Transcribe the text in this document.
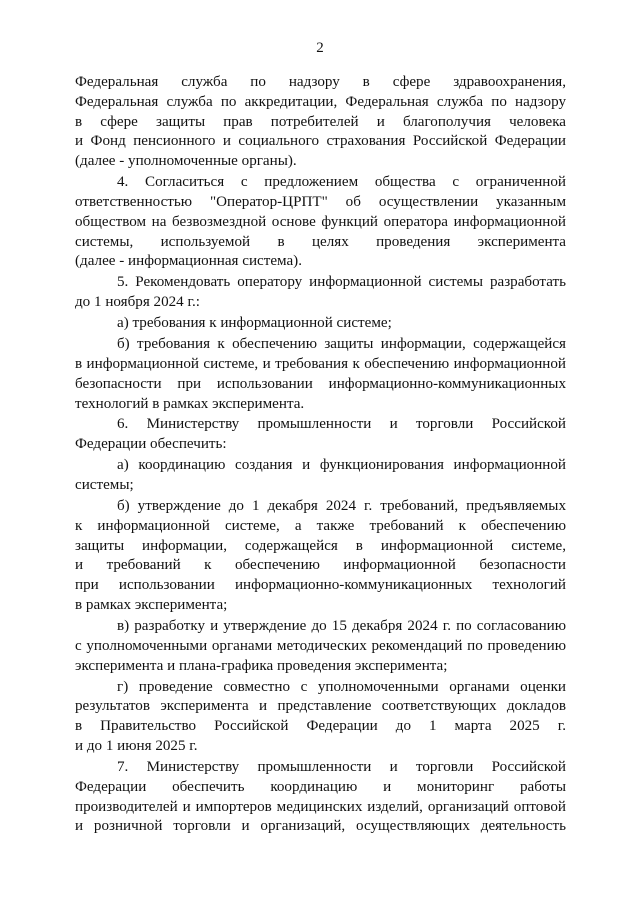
2
Федеральная служба по надзору в сфере здравоохранения,
Федеральная служба по аккредитации, Федеральная служба по надзору
в сфере защиты прав потребителей и благополучия человека
и Фонд пенсионного и социального страхования Российской Федерации
(далее - уполномоченные органы).
4. Согласиться с предложением общества с ограниченной
ответственностью "Оператор-ЦРПТ" об осуществлении указанным
обществом на безвозмездной основе функций оператора информационной
системы, используемой в целях проведения эксперимента
(далее - информационная система).
5. Рекомендовать оператору информационной системы разработать
до 1 ноября 2024 г.:
а) требования к информационной системе;
б) требования к обеспечению защиты информации, содержащейся
в информационной системе, и требования к обеспечению информационной
безопасности при использовании информационно-коммуникационных
технологий в рамках эксперимента.
6. Министерству промышленности и торговли Российской
Федерации обеспечить:
а) координацию создания и функционирования информационной
системы;
б) утверждение до 1 декабря 2024 г. требований, предъявляемых
к информационной системе, а также требований к обеспечению
защиты информации, содержащейся в информационной системе,
и требований к обеспечению информационной безопасности
при использовании информационно-коммуникационных технологий
в рамках эксперимента;
в) разработку и утверждение до 15 декабря 2024 г. по согласованию
с уполномоченными органами методических рекомендаций по проведению
эксперимента и плана-графика проведения эксперимента;
г) проведение совместно с уполномоченными органами оценки
результатов эксперимента и представление соответствующих докладов
в Правительство Российской Федерации до 1 марта 2025 г.
и до 1 июня 2025 г.
7. Министерству промышленности и торговли Российской
Федерации обеспечить координацию и мониторинг работы
производителей и импортеров медицинских изделий, организаций оптовой
и розничной торговли и организаций, осуществляющих деятельность
